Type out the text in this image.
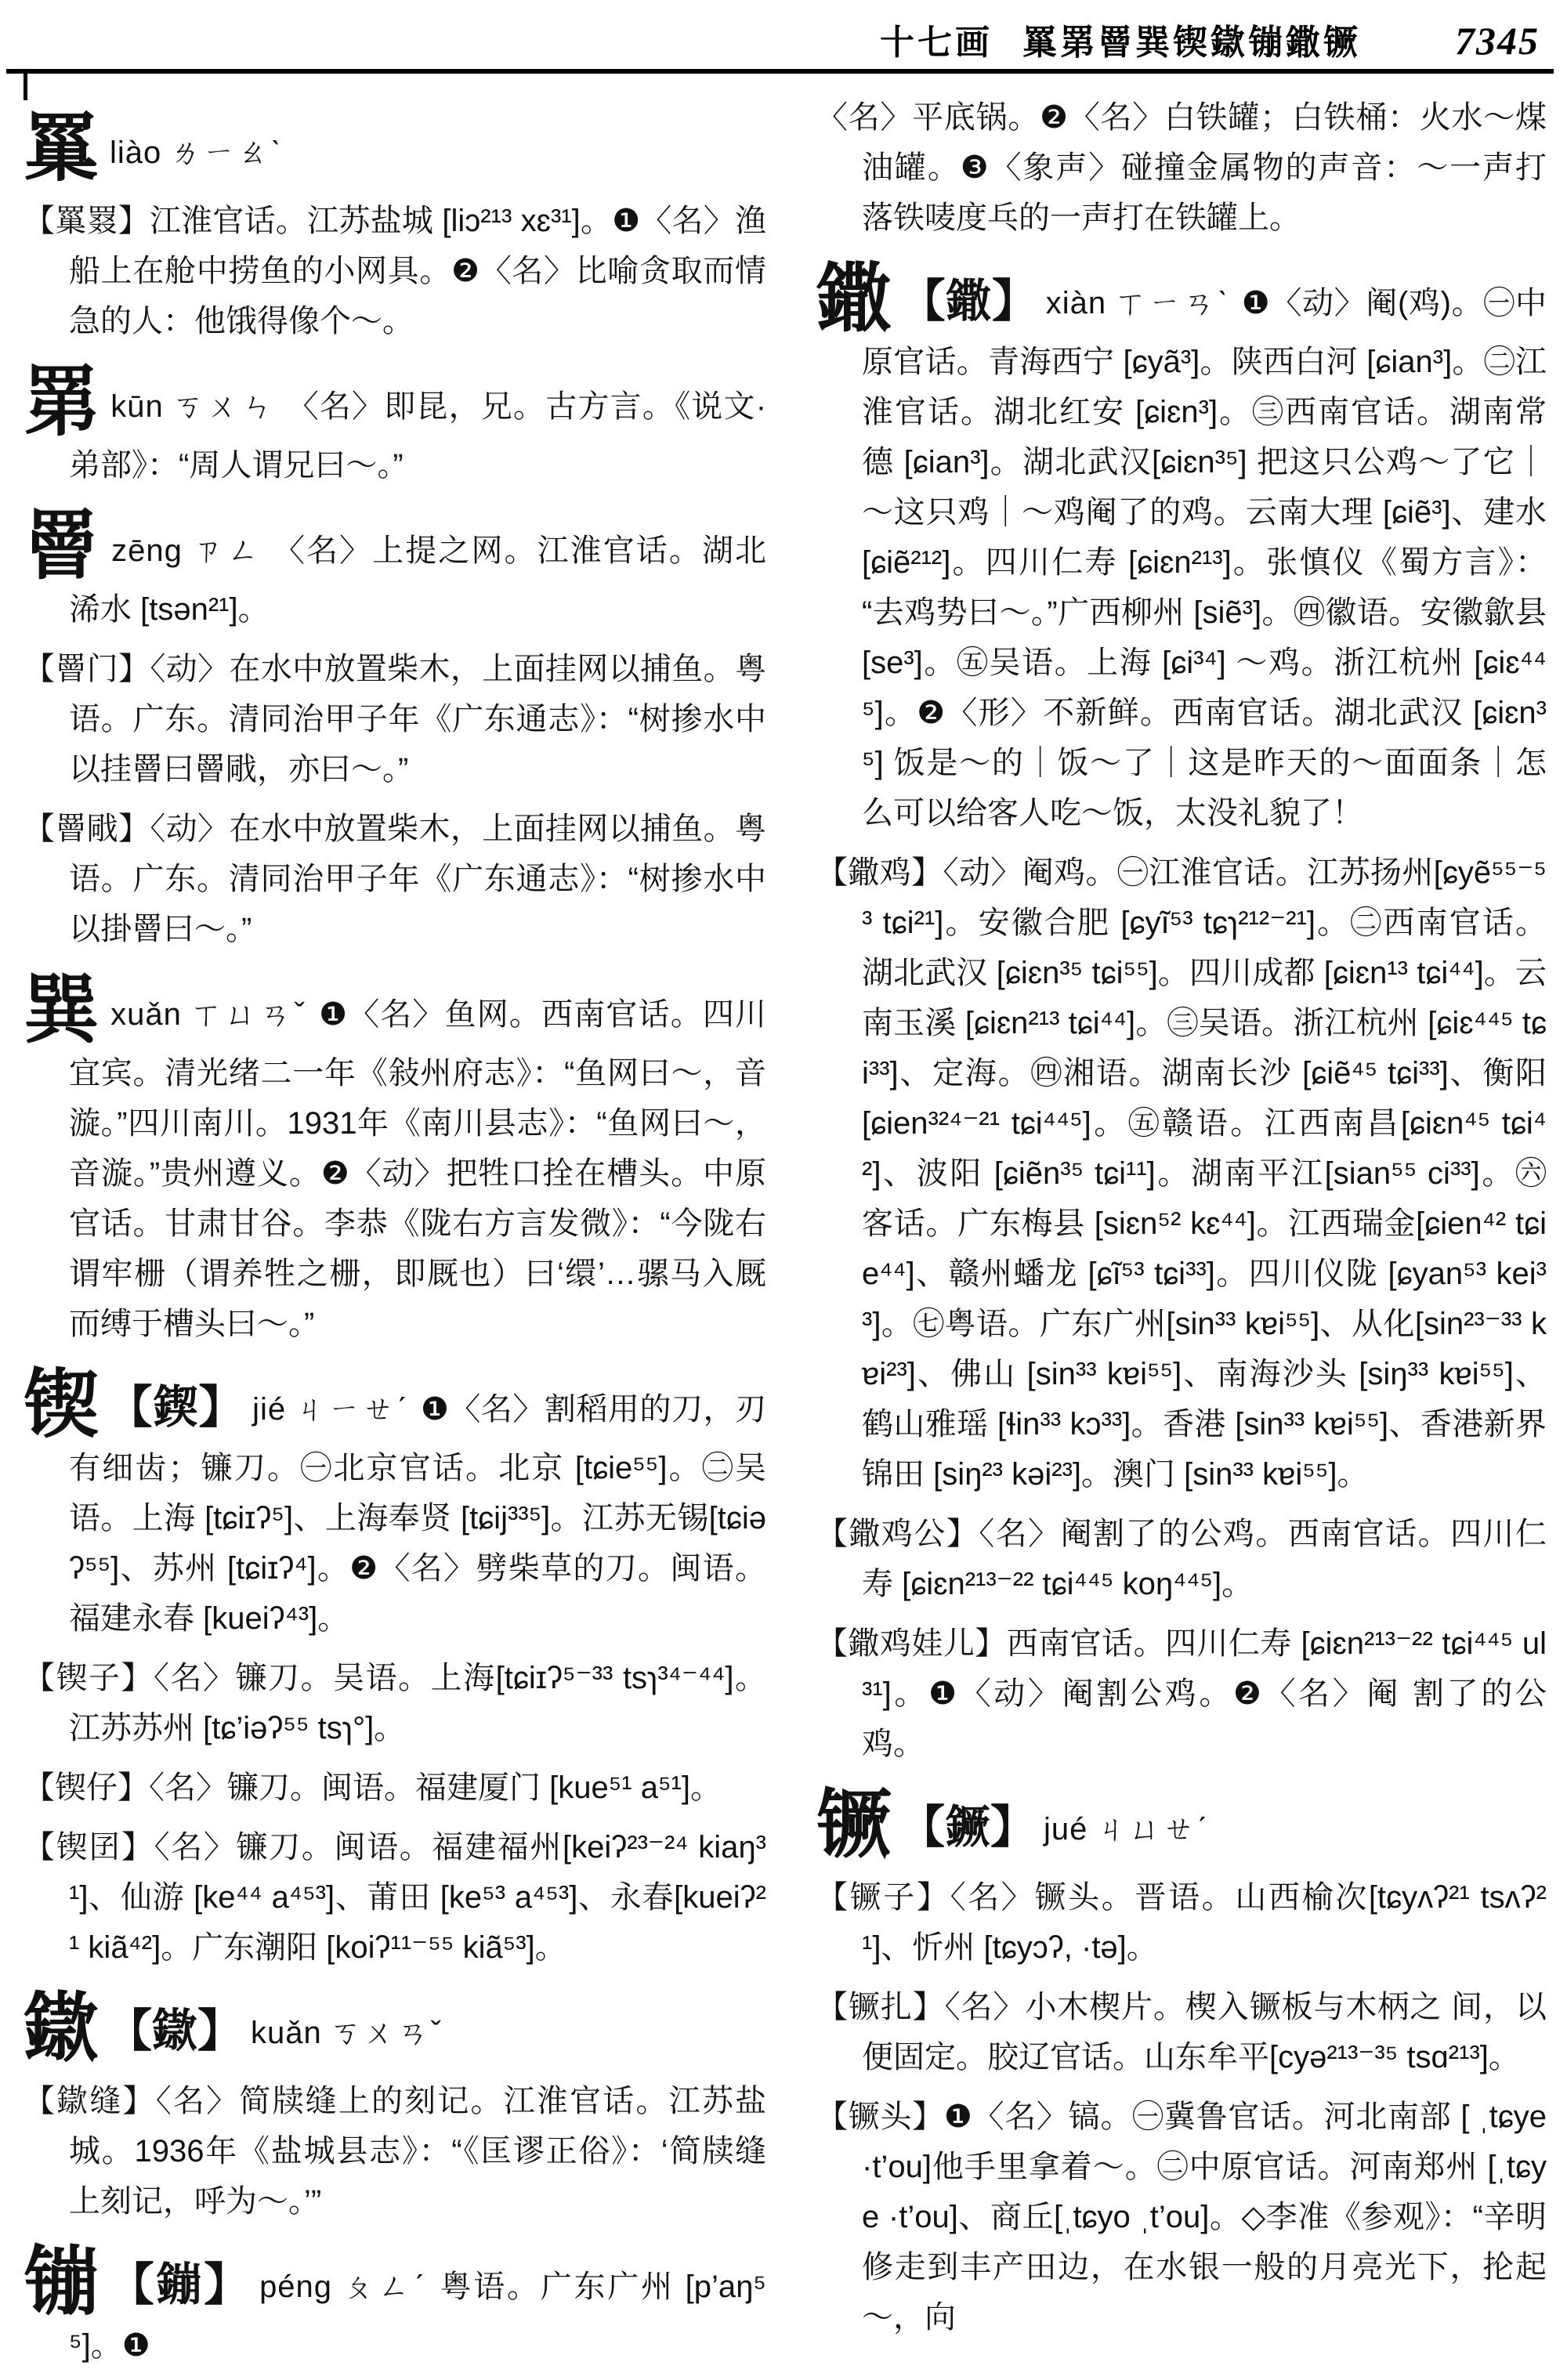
十七画 罺罤罾巽锲䥗镚鏾镢 7345

罺liào ㄌㄧㄠˋ

【罺罬】江淮官话。江苏盐城 [liɔ²¹³ xɛ³¹]。❶〈名〉渔船上在舱中捞鱼的小网具。❷〈名〉比喻贪取而情急的人：他饿得像个～。

罤kūn ㄎㄨㄣ 〈名〉即昆，兄。古方言。《说文·弟部》：“周人谓兄曰～。”

罾zēng ㄗㄥ 〈名〉上提之网。江淮官话。湖北浠水 [tsən²¹]。

【罾门】〈动〉在水中放置柴木，上面挂网以捕鱼。粤语。广东。清同治甲子年《广东通志》：“树掺水中以挂罾曰罾戙，亦曰～。”

【罾戙】〈动〉在水中放置柴木，上面挂网以捕鱼。粤语。广东。清同治甲子年《广东通志》：“树掺水中以掛罾曰～。”

巽xuǎn ㄒㄩㄢˇ ❶〈名〉鱼网。西南官话。四川宜宾。清光绪二一年《敍州府志》：“鱼网曰～，音漩。”四川南川。1931年《南川县志》：“鱼网曰～，音漩。”贵州遵义。❷〈动〉把牲口拴在槽头。中原官话。甘肃甘谷。李恭《陇右方言发微》：“今陇右谓牢栅（谓养牲之栅，即厩也）曰‘缳’…骡马入厩而缚于槽头曰～。”

锲 【鍥】 jié ㄐㄧㄝˊ ❶〈名〉割稻用的刀，刃有细齿；镰刀。㊀北京官话。北京 [tɕie⁵⁵]。㊁吴语。上海 [tɕiɪʔ⁵]、上海奉贤 [tɕij³³⁵]。江苏无锡[tɕiəʔ⁵⁵]、苏州 [tɕiɪʔ⁴]。❷〈名〉劈柴草的刀。闽语。福建永春 [kueiʔ⁴³]。

【锲子】〈名〉镰刀。吴语。上海[tɕiɪʔ⁵⁻³³ tsɿ³⁴⁻⁴⁴]。江苏苏州 [tɕ’iəʔ⁵⁵ tsɿ°]。

【锲仔】〈名〉镰刀。闽语。福建厦门 [kue⁵¹ a⁵¹]。

【锲囝】〈名〉镰刀。闽语。福建福州[keiʔ²³⁻²⁴ kiaŋ³¹]、仙游 [ke⁴⁴ a⁴⁵³]、莆田 [ke⁵³ a⁴⁵³]、永春[kueiʔ²¹ kiã⁴²]。广东潮阳 [koiʔ¹¹⁻⁵⁵ kiã⁵³]。

䥗 【䥗】 kuǎn ㄎㄨㄢˇ

【䥗缝】〈名〉简牍缝上的刻记。江淮官话。江苏盐城。1936年《盐城县志》：“《匡谬正俗》：‘简牍缝上刻记，呼为～。’”

镚 【鏰】 péng ㄆㄥˊ 粤语。广东广州 [p’aŋ⁵⁵]。❶

〈名〉平底锅。❷〈名〉白铁罐；白铁桶：火水～煤油罐。❸〈象声〉碰撞金属物的声音：～一声打落铁唛度乓的一声打在铁罐上。

鏾 【鏾】 xiàn ㄒㄧㄢˋ ❶〈动〉阉(鸡)。㊀中原官话。青海西宁 [ɕyã³]。陕西白河 [ɕian³]。㊁江淮官话。湖北红安 [ɕiɛn³]。㊂西南官话。湖南常德 [ɕian³]。湖北武汉[ɕiɛn³⁵] 把这只公鸡～了它｜～这只鸡｜～鸡阉了的鸡。云南大理 [ɕiẽ³]、建水 [ɕiẽ²¹²]。四川仁寿 [ɕiɛn²¹³]。张慎仪《蜀方言》：“去鸡势曰～。”广西柳州 [siẽ³]。㊃徽语。安徽歙县 [se³]。㊄吴语。上海 [ɕi³⁴] ～鸡。浙江杭州 [ɕiɛ⁴⁴⁵]。❷〈形〉不新鲜。西南官话。湖北武汉 [ɕiɛn³⁵] 饭是～的｜饭～了｜这是昨天的～面面条｜怎么可以给客人吃～饭，太没礼貌了！

【鏾鸡】〈动〉阉鸡。㊀江淮官话。江苏扬州[ɕyẽ⁵⁵⁻⁵³ tɕi²¹]。安徽合肥 [ɕyĩ⁵³ tɕɿ²¹²⁻²¹]。㊁西南官话。湖北武汉 [ɕiɛn³⁵ tɕi⁵⁵]。四川成都 [ɕiɛn¹³ tɕi⁴⁴]。云南玉溪 [ɕiɛn²¹³ tɕi⁴⁴]。㊂吴语。浙江杭州 [ɕiɛ⁴⁴⁵ tɕi³³]、定海。㊃湘语。湖南长沙 [ɕiẽ⁴⁵ tɕi³³]、衡阳 [ɕien³²⁴⁻²¹ tɕi⁴⁴⁵]。㊄赣语。江西南昌[ɕiɛn⁴⁵ tɕi⁴²]、波阳 [ɕiẽn³⁵ tɕi¹¹]。湖南平江[sian⁵⁵ ci³³]。㊅客话。广东梅县 [siɛn⁵² kɛ⁴⁴]。江西瑞金[ɕien⁴² tɕie⁴⁴]、赣州蟠龙 [ɕĩ⁵³ tɕi³³]。四川仪陇 [ɕyan⁵³ kei³³]。㊆粤语。广东广州[sin³³ kɐi⁵⁵]、从化[sin²³⁻³³ kɐi²³]、佛山 [sin³³ kɐi⁵⁵]、南海沙头 [siŋ³³ kɐi⁵⁵]、鹤山雅瑶 [ɬin³³ kɔ³³]。香港 [sin³³ kɐi⁵⁵]、香港新界锦田 [siŋ²³ kəi²³]。澳门 [sin³³ kɐi⁵⁵]。

【鏾鸡公】〈名〉阉割了的公鸡。西南官话。四川仁寿 [ɕiɛn²¹³⁻²² tɕi⁴⁴⁵ koŋ⁴⁴⁵]。

【鏾鸡娃儿】西南官话。四川仁寿 [ɕiɛn²¹³⁻²² tɕi⁴⁴⁵ ul³¹]。❶〈动〉阉割公鸡。❷〈名〉阉 割了的公鸡。

镢 【鐝】 jué ㄐㄩㄝˊ

【镢子】〈名〉镢头。晋语。山西榆次[tɕyʌʔ²¹ tsʌʔ²¹]、忻州 [tɕyɔʔ, ·tə]。

【镢扎】〈名〉小木楔片。楔入镢板与木柄之 间，以便固定。胶辽官话。山东牟平[cyə²¹³⁻³⁵ tsɑ²¹³]。

【镢头】❶〈名〉镐。㊀冀鲁官话。河北南部 [ ˌtɕye ·t’ou]他手里拿着～。㊁中原官话。河南郑州 [ˌtɕye ·t’ou]、商丘[ˌtɕyo ˌt’ou]。◇李准《参观》：“辛明修走到丰产田边，在水银一般的月亮光下，抡起～，向
